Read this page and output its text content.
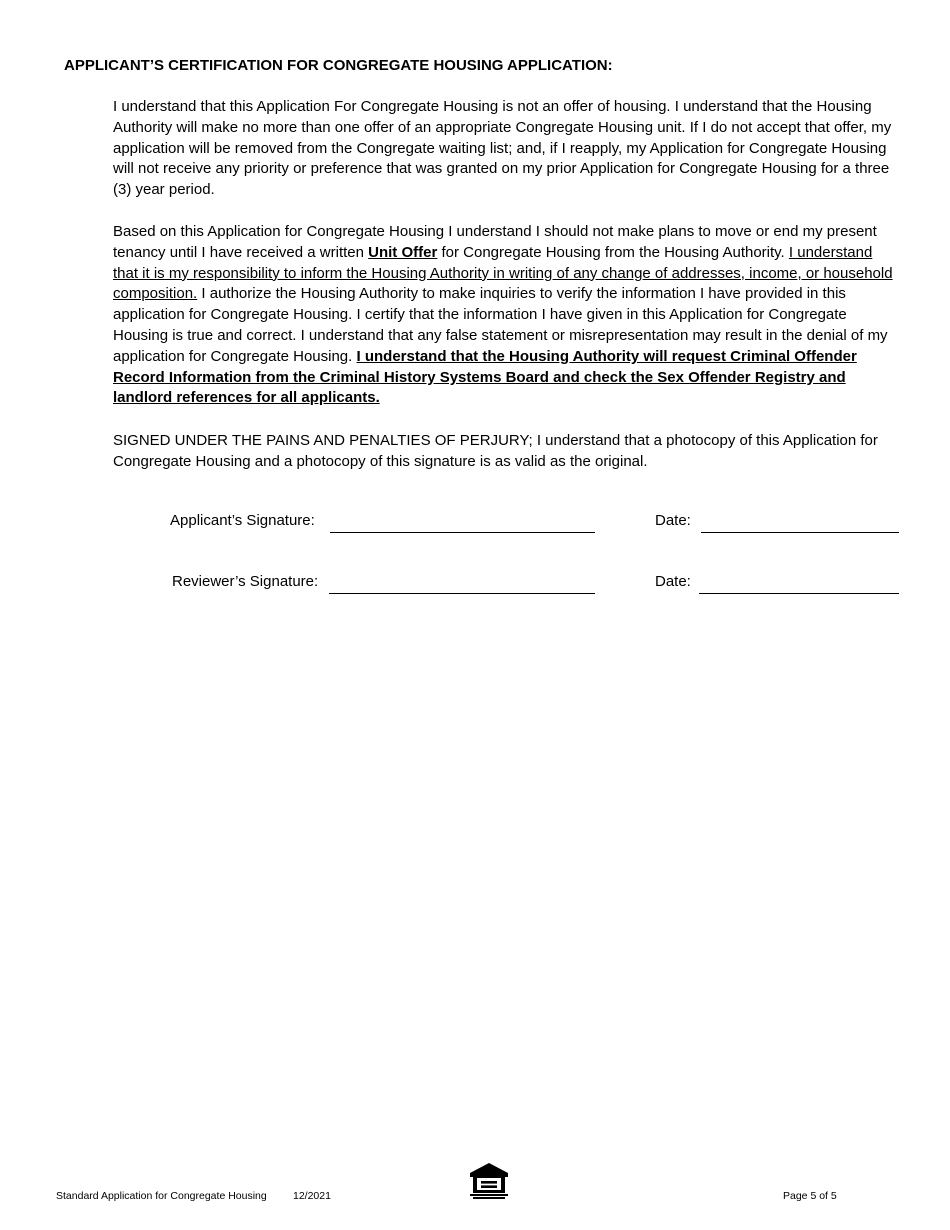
APPLICANT’S CERTIFICATION FOR CONGREGATE HOUSING APPLICATION:
I understand that this Application For Congregate Housing is not an offer of housing. I understand that the Housing Authority will make no more than one offer of an appropriate Congregate Housing unit. If I do not accept that offer, my application will be removed from the Congregate waiting list; and, if I reapply, my Application for Congregate Housing will not receive any priority or preference that was granted on my prior Application for Congregate Housing for a three (3) year period.
Based on this Application for Congregate Housing I understand I should not make plans to move or end my present tenancy until I have received a written Unit Offer for Congregate Housing from the Housing Authority. I understand that it is my responsibility to inform the Housing Authority in writing of any change of addresses, income, or household composition. I authorize the Housing Authority to make inquiries to verify the information I have provided in this application for Congregate Housing. I certify that the information I have given in this Application for Congregate Housing is true and correct. I understand that any false statement or misrepresentation may result in the denial of my application for Congregate Housing. I understand that the Housing Authority will request Criminal Offender Record Information from the Criminal History Systems Board and check the Sex Offender Registry and landlord references for all applicants.
SIGNED UNDER THE PAINS AND PENALTIES OF PERJURY; I understand that a photocopy of this Application for Congregate Housing and a photocopy of this signature is as valid as the original.
Applicant’s Signature:	Date:
Reviewer’s Signature:	Date:
Standard Application for Congregate Housing	12/2021	Page 5 of 5
